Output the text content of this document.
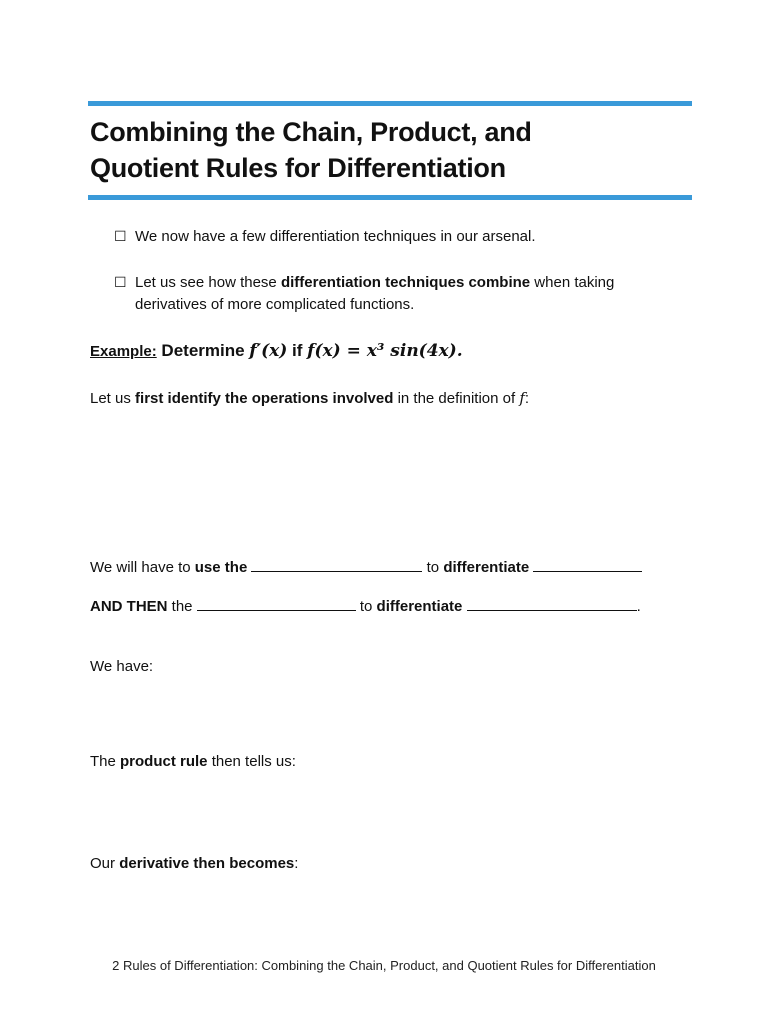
Combining the Chain, Product, and
Quotient Rules for Differentiation
☐ We now have a few differentiation techniques in our arsenal.
☐ Let us see how these differentiation techniques combine when taking derivatives of more complicated functions.
Example: Determine f′(x) if f(x) = x³ sin(4x).
Let us first identify the operations involved in the definition of f:
We will have to use the	to differentiate
AND THEN the	to differentiate	.
We have:
The product rule then tells us:
Our derivative then becomes:
2 Rules of Differentiation: Combining the Chain, Product, and Quotient Rules for Differentiation
